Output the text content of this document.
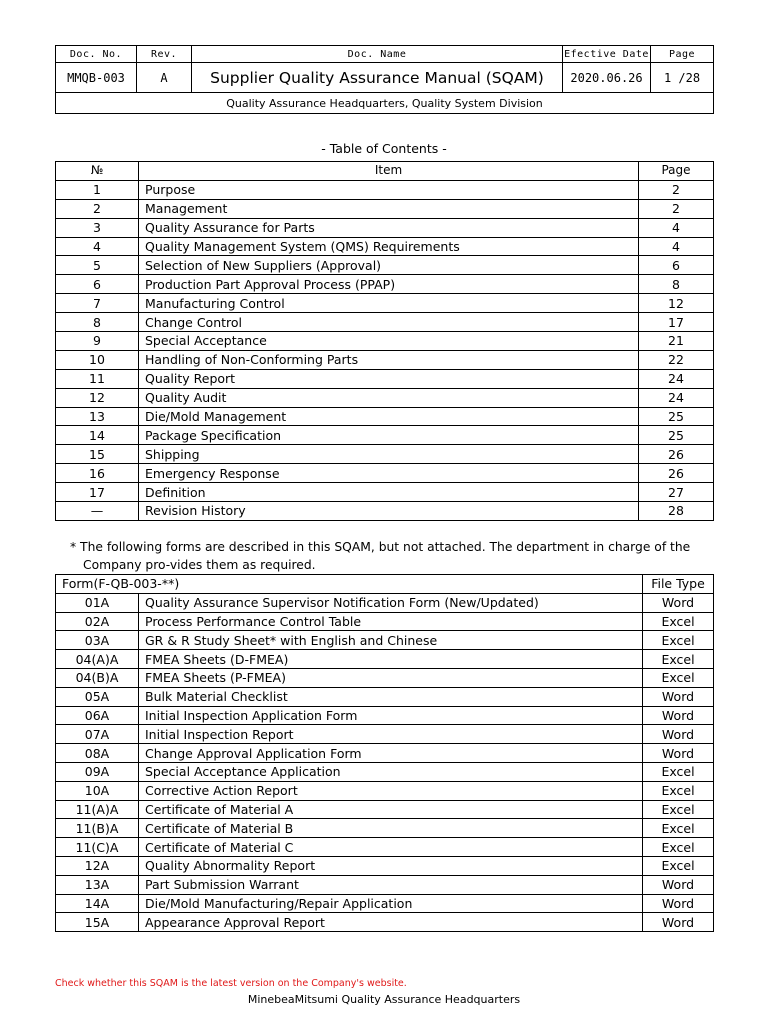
Doc. No.	Rev.	Doc. Name	Efective Date	Page
MMQB-003	A	Supplier Quality Assurance Manual (SQAM)	2020.06.26	1 /28
Quality Assurance Headquarters, Quality System Division				
- Table of Contents -
№	Item	Page
1	Purpose	2
2	Management	2
3	Quality Assurance for Parts	4
4	Quality Management System (QMS) Requirements	4
5	Selection of New Suppliers (Approval)	6
6	Production Part Approval Process (PPAP)	8
7	Manufacturing Control	12
8	Change Control	17
9	Special Acceptance	21
10	Handling of Non-Conforming Parts	22
11	Quality Report	24
12	Quality Audit	24
13	Die/Mold Management	25
14	Package Specification	25
15	Shipping	26
16	Emergency Response	26
17	Definition	27
—	Revision History	28
* The following forms are described in this SQAM, but not attached. The department in charge of the
Company pro-vides them as required.
Form(F-QB-003-**)		File Type
01A	Quality Assurance Supervisor Notification Form (New/Updated)	Word
02A	Process Performance Control Table	Excel
03A	GR & R Study Sheet* with English and Chinese	Excel
04(A)A	FMEA Sheets (D-FMEA)	Excel
04(B)A	FMEA Sheets (P-FMEA)	Excel
05A	Bulk Material Checklist	Word
06A	Initial Inspection Application Form	Word
07A	Initial Inspection Report	Word
08A	Change Approval Application Form	Word
09A	Special Acceptance Application	Excel
10A	Corrective Action Report	Excel
11(A)A	Certificate of Material A	Excel
11(B)A	Certificate of Material B	Excel
11(C)A	Certificate of Material C	Excel
12A	Quality Abnormality Report	Excel
13A	Part Submission Warrant	Word
14A	Die/Mold Manufacturing/Repair Application	Word
15A	Appearance Approval Report	Word
Check whether this SQAM is the latest version on the Company's website.
MinebeaMitsumi Quality Assurance Headquarters
